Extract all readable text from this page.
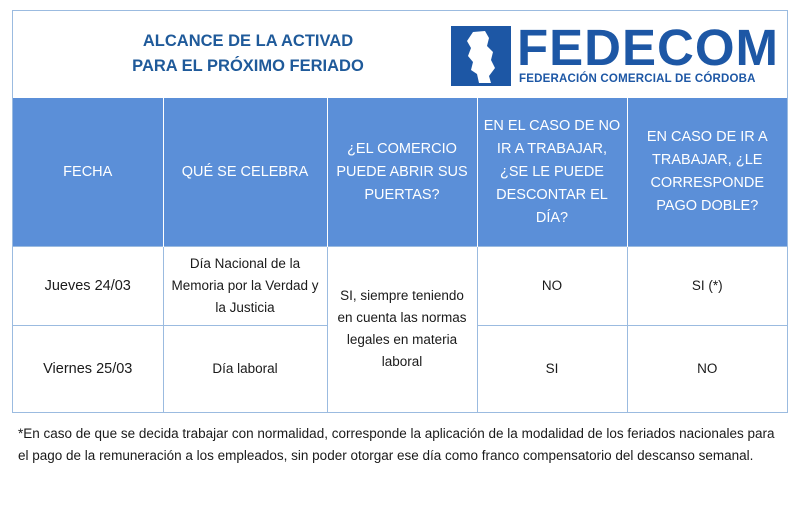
ALCANCE DE LA ACTIVAD
PARA EL PRÓXIMO FERIADO	FEDECOM
FEDERACIÓN COMERCIAL DE CÓRDOBA
FECHA	QUÉ SE CELEBRA	¿EL COMERCIO PUEDE ABRIR SUS PUERTAS?	EN EL CASO DE NO IR A TRABAJAR, ¿SE LE PUEDE DESCONTAR EL DÍA?	EN CASO DE IR A TRABAJAR, ¿LE CORRESPONDE PAGO DOBLE?
Jueves 24/03	Día Nacional de la Memoria por la Verdad y la Justicia	SI, siempre teniendo en cuenta las normas legales en materia laboral	NO	SI (*)
Viernes 25/03	Día laboral		SI	NO
*En caso de que se decida trabajar con normalidad, corresponde la aplicación de la modalidad de los feriados nacionales para el pago de la remuneración a los empleados, sin poder otorgar ese día como franco compensatorio del descanso semanal.
